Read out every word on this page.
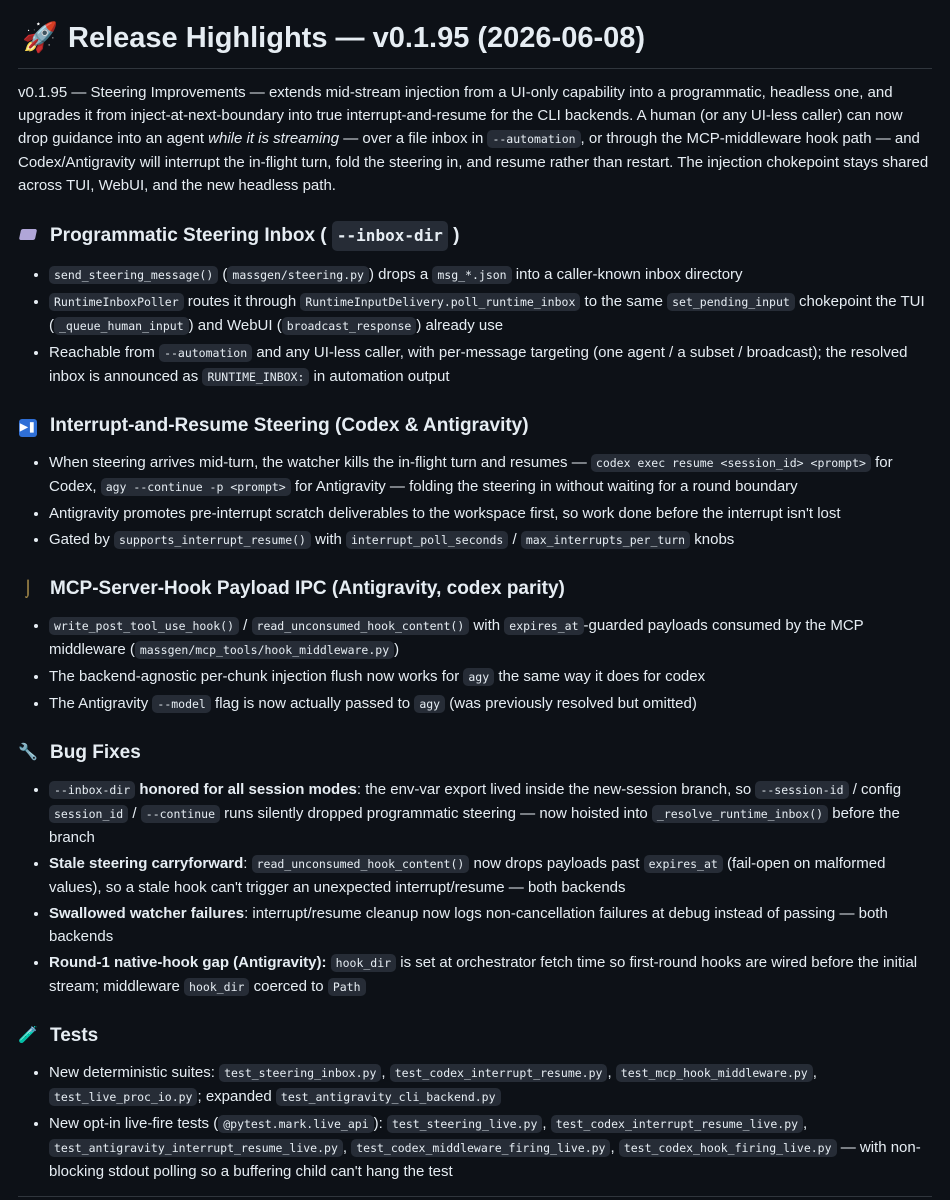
🚀 Release Highlights — v0.1.95 (2026-06-08)

v0.1.95 — Steering Improvements — extends mid-stream injection from a UI-only capability into a programmatic, headless one, and upgrades it from inject-at-next-boundary into true interrupt-and-resume for the CLI backends. A human (or any UI-less caller) can now drop guidance into an agent while it is streaming — over a file inbox in --automation , or through the MCP-middleware hook path — and Codex/Antigravity will interrupt the in-flight turn, fold the steering in, and resume rather than restart. The injection chokepoint stays shared across TUI, WebUI, and the new headless path.

Programmatic Steering Inbox (
--inbox-dir
)
• send_steering_message() ( massgen/steering.py ) drops a msg_*.json into a caller-known inbox directory
• RuntimeInboxPoller routes it through RuntimeInputDelivery.poll_runtime_inbox to the same set_pending_input chokepoint the TUI ( _queue_human_input ) and WebUI ( broadcast_response ) already use
• Reachable from --automation and any UI-less caller, with per-message targeting (one agent / a subset / broadcast); the resolved inbox is announced as RUNTIME_INBOX: in automation output
▶❚ Interrupt-and-Resume Steering (Codex & Antigravity)
• When steering arrives mid-turn, the watcher kills the in-flight turn and resumes — codex exec resume <session_id> <prompt> for Codex, agy --continue -p <prompt> for Antigravity — folding the steering in without waiting for a round boundary
• Antigravity promotes pre-interrupt scratch deliverables to the workspace first, so work done before the interrupt isn't lost
• Gated by supports_interrupt_resume() with interrupt_poll_seconds / max_interrupts_per_turn knobs
⌡ MCP-Server-Hook Payload IPC (Antigravity, codex parity)
• write_post_tool_use_hook() / read_unconsumed_hook_content() with expires_at -guarded payloads consumed by the MCP middleware ( massgen/mcp_tools/hook_middleware.py )
• The backend-agnostic per-chunk injection flush now works for agy the same way it does for codex
• The Antigravity --model flag is now actually passed to agy (was previously resolved but omitted)
🔧 Bug Fixes
• --inbox-dir honored for all session modes: the env-var export lived inside the new-session branch, so --session-id / config session_id / --continue runs silently dropped programmatic steering — now hoisted into _resolve_runtime_inbox() before the branch
• Stale steering carryforward: read_unconsumed_hook_content() now drops payloads past expires_at (fail-open on malformed values), so a stale hook can't trigger an unexpected interrupt/resume — both backends
• Swallowed watcher failures: interrupt/resume cleanup now logs non-cancellation failures at debug instead of passing — both backends
• Round-1 native-hook gap (Antigravity): hook_dir is set at orchestrator fetch time so first-round hooks are wired before the initial stream; middleware hook_dir coerced to Path
🧪 Tests
• New deterministic suites: test_steering_inbox.py , test_codex_interrupt_resume.py , test_mcp_hook_middleware.py , test_live_proc_io.py ; expanded test_antigravity_cli_backend.py
• New opt-in live-fire tests ( @pytest.mark.live_api ): test_steering_live.py , test_codex_interrupt_resume_live.py , test_antigravity_interrupt_resume_live.py , test_codex_middleware_firing_live.py , test_codex_hook_firing_live.py — with non-blocking stdout polling so a buffering child can't hang the test
